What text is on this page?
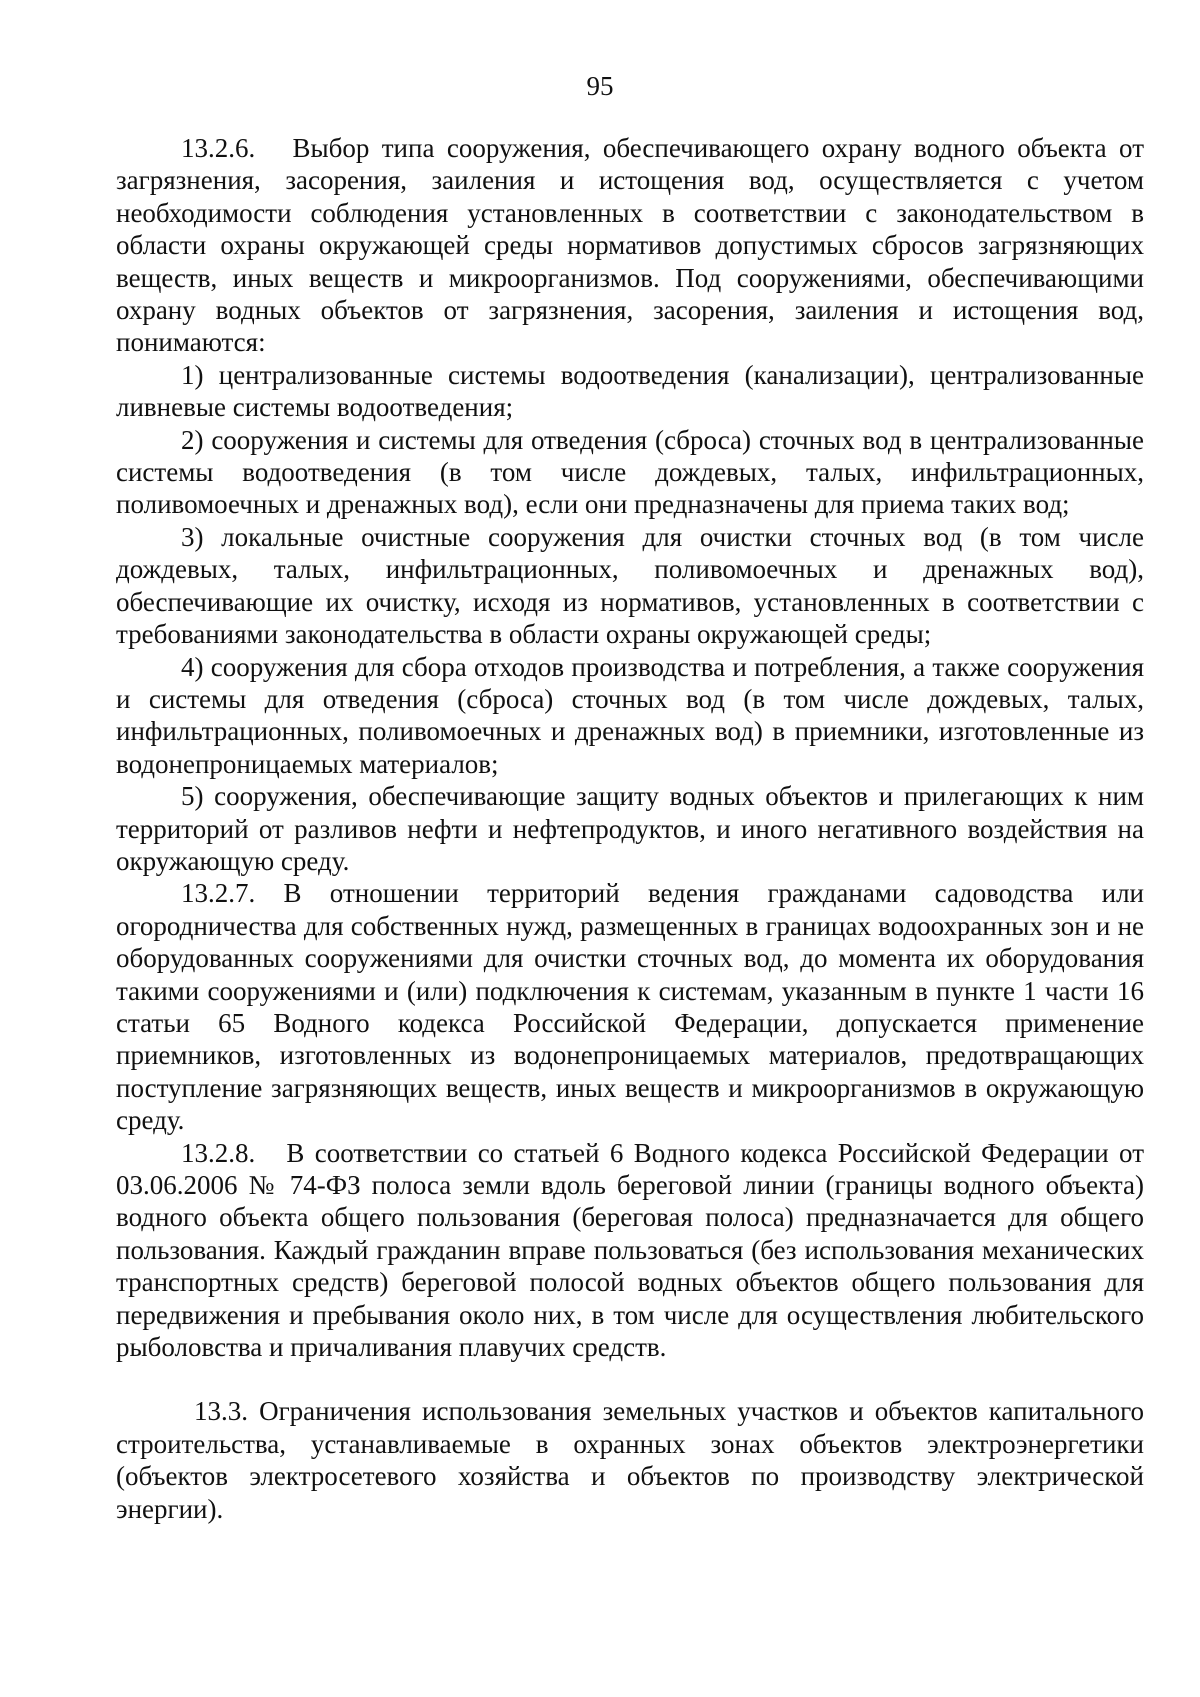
95

13.2.6. Выбор типа сооружения, обеспечивающего охрану водного объекта от загрязнения, засорения, заиления и истощения вод, осуществляется с учетом необходимости соблюдения установленных в соответствии с законодательством в области охраны окружающей среды нормативов допустимых сбросов загрязняющих веществ, иных веществ и микроорганизмов. Под сооружениями, обеспечивающими охрану водных объектов от загрязнения, засорения, заиления и истощения вод, понимаются:

1) централизованные системы водоотведения (канализации), централизованные ливневые системы водоотведения;

2) сооружения и системы для отведения (сброса) сточных вод в централизованные системы водоотведения (в том числе дождевых, талых, инфильтрационных, поливомоечных и дренажных вод), если они предназначены для приема таких вод;

3) локальные очистные сооружения для очистки сточных вод (в том числе дождевых, талых, инфильтрационных, поливомоечных и дренажных вод), обеспечивающие их очистку, исходя из нормативов, установленных в соответствии с требованиями законодательства в области охраны окружающей среды;

4) сооружения для сбора отходов производства и потребления, а также сооружения и системы для отведения (сброса) сточных вод (в том числе дождевых, талых, инфильтрационных, поливомоечных и дренажных вод) в приемники, изготовленные из водонепроницаемых материалов;

5) сооружения, обеспечивающие защиту водных объектов и прилегающих к ним территорий от разливов нефти и нефтепродуктов, и иного негативного воздействия на окружающую среду.

13.2.7. В отношении территорий ведения гражданами садоводства или огородничества для собственных нужд, размещенных в границах водоохранных зон и не оборудованных сооружениями для очистки сточных вод, до момента их оборудования такими сооружениями и (или) подключения к системам, указанным в пункте 1 части 16 статьи 65 Водного кодекса Российской Федерации, допускается применение приемников, изготовленных из водонепроницаемых материалов, предотвращающих поступление загрязняющих веществ, иных веществ и микроорганизмов в окружающую среду.

13.2.8. В соответствии со статьей 6 Водного кодекса Российской Федерации от 03.06.2006 № 74-ФЗ полоса земли вдоль береговой линии (границы водного объекта) водного объекта общего пользования (береговая полоса) предназначается для общего пользования. Каждый гражданин вправе пользоваться (без использования механических транспортных средств) береговой полосой водных объектов общего пользования для передвижения и пребывания около них, в том числе для осуществления любительского рыболовства и причаливания плавучих средств.

13.3. Ограничения использования земельных участков и объектов капитального строительства, устанавливаемые в охранных зонах объектов электроэнергетики (объектов электросетевого хозяйства и объектов по производству электрической энергии).
